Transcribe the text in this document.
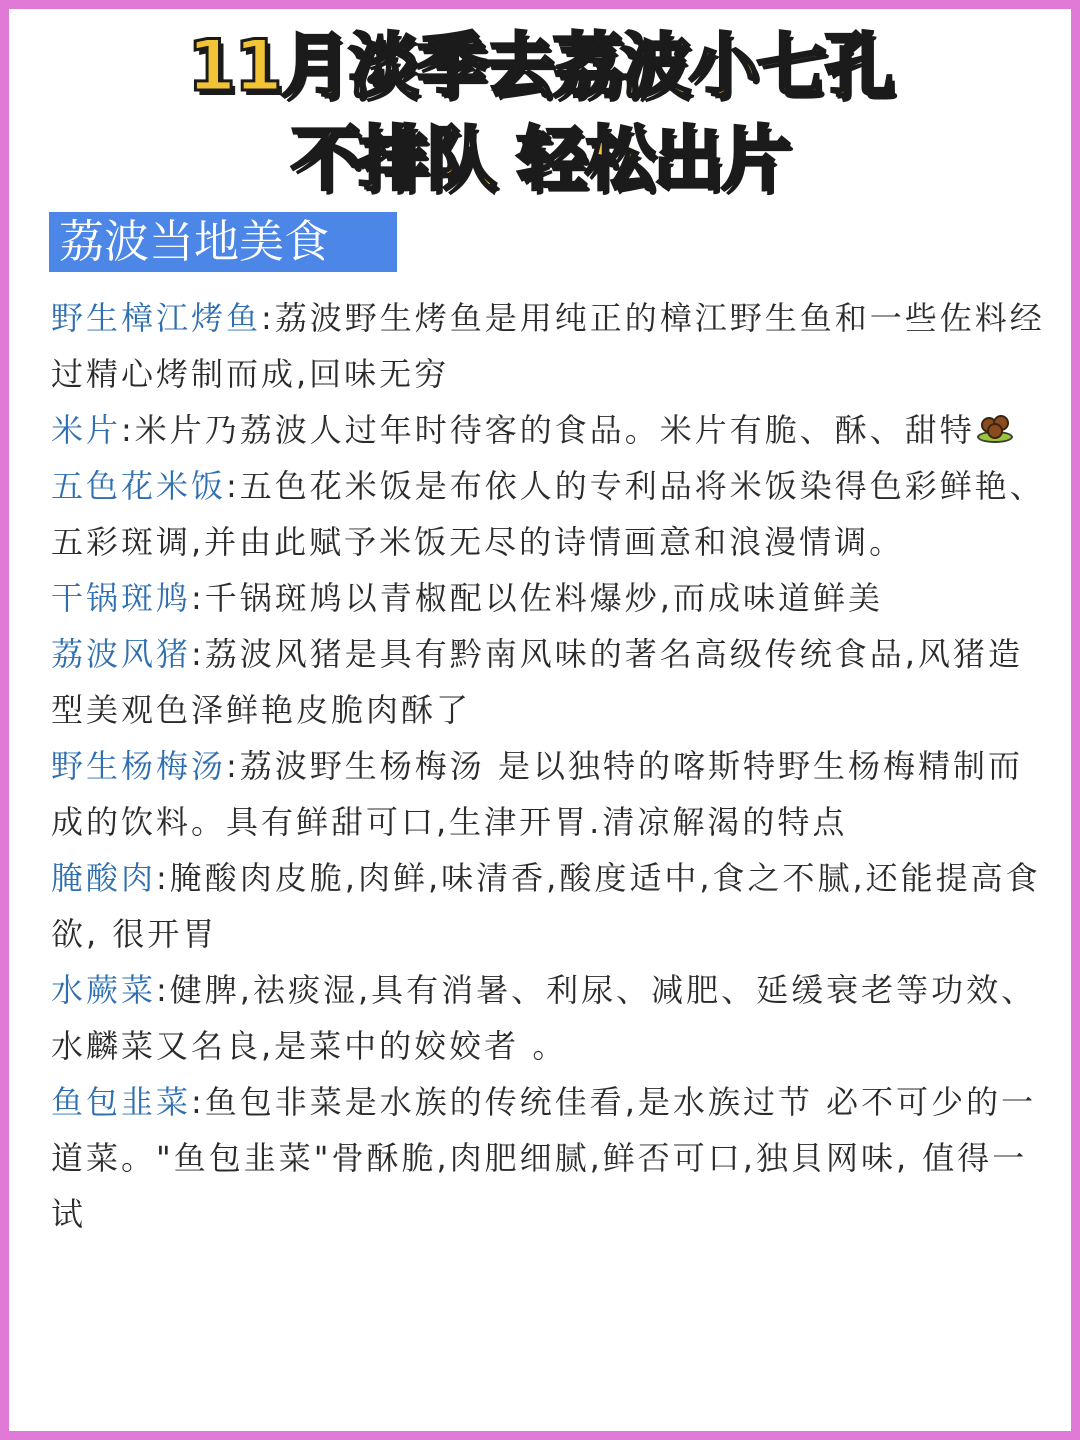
11月淡季去荔波小七孔
不排队 轻松出片
荔波当地美食

野生樟江烤鱼:荔波野生烤鱼是用纯正的樟江野生鱼和一些佐料经过精心烤制而成,回味无穷

米片:米片乃荔波人过年时待客的食品。米片有脆、酥、甜特

五色花米饭:五色花米饭是布依人的专利品将米饭染得色彩鲜艳、五彩斑调,并由此赋予米饭无尽的诗情画意和浪漫情调。

干锅斑鸠:千锅斑鸠以青椒配以佐料爆炒,而成味道鲜美

荔波风猪:荔波风猪是具有黔南风味的著名高级传统食品,风猪造型美观色泽鲜艳皮脆肉酥了

野生杨梅汤:荔波野生杨梅汤 是以独特的喀斯特野生杨梅精制而成的饮料。具有鲜甜可口,生津开胃.清凉解渴的特点

腌酸肉:腌酸肉皮脆,肉鲜,味清香,酸度适中,食之不腻,还能提高食欲, 很开胃

水蕨菜:健脾,祛痰湿,具有消暑、利尿、减肥、延缓衰老等功效、水麟菜又名良,是菜中的姣姣者 。

鱼包韭菜:鱼包非菜是水族的传统佳看,是水族过节 必不可少的一道菜。"鱼包韭菜"骨酥脆,肉肥细腻,鲜否可口,独貝网味, 值得一试
